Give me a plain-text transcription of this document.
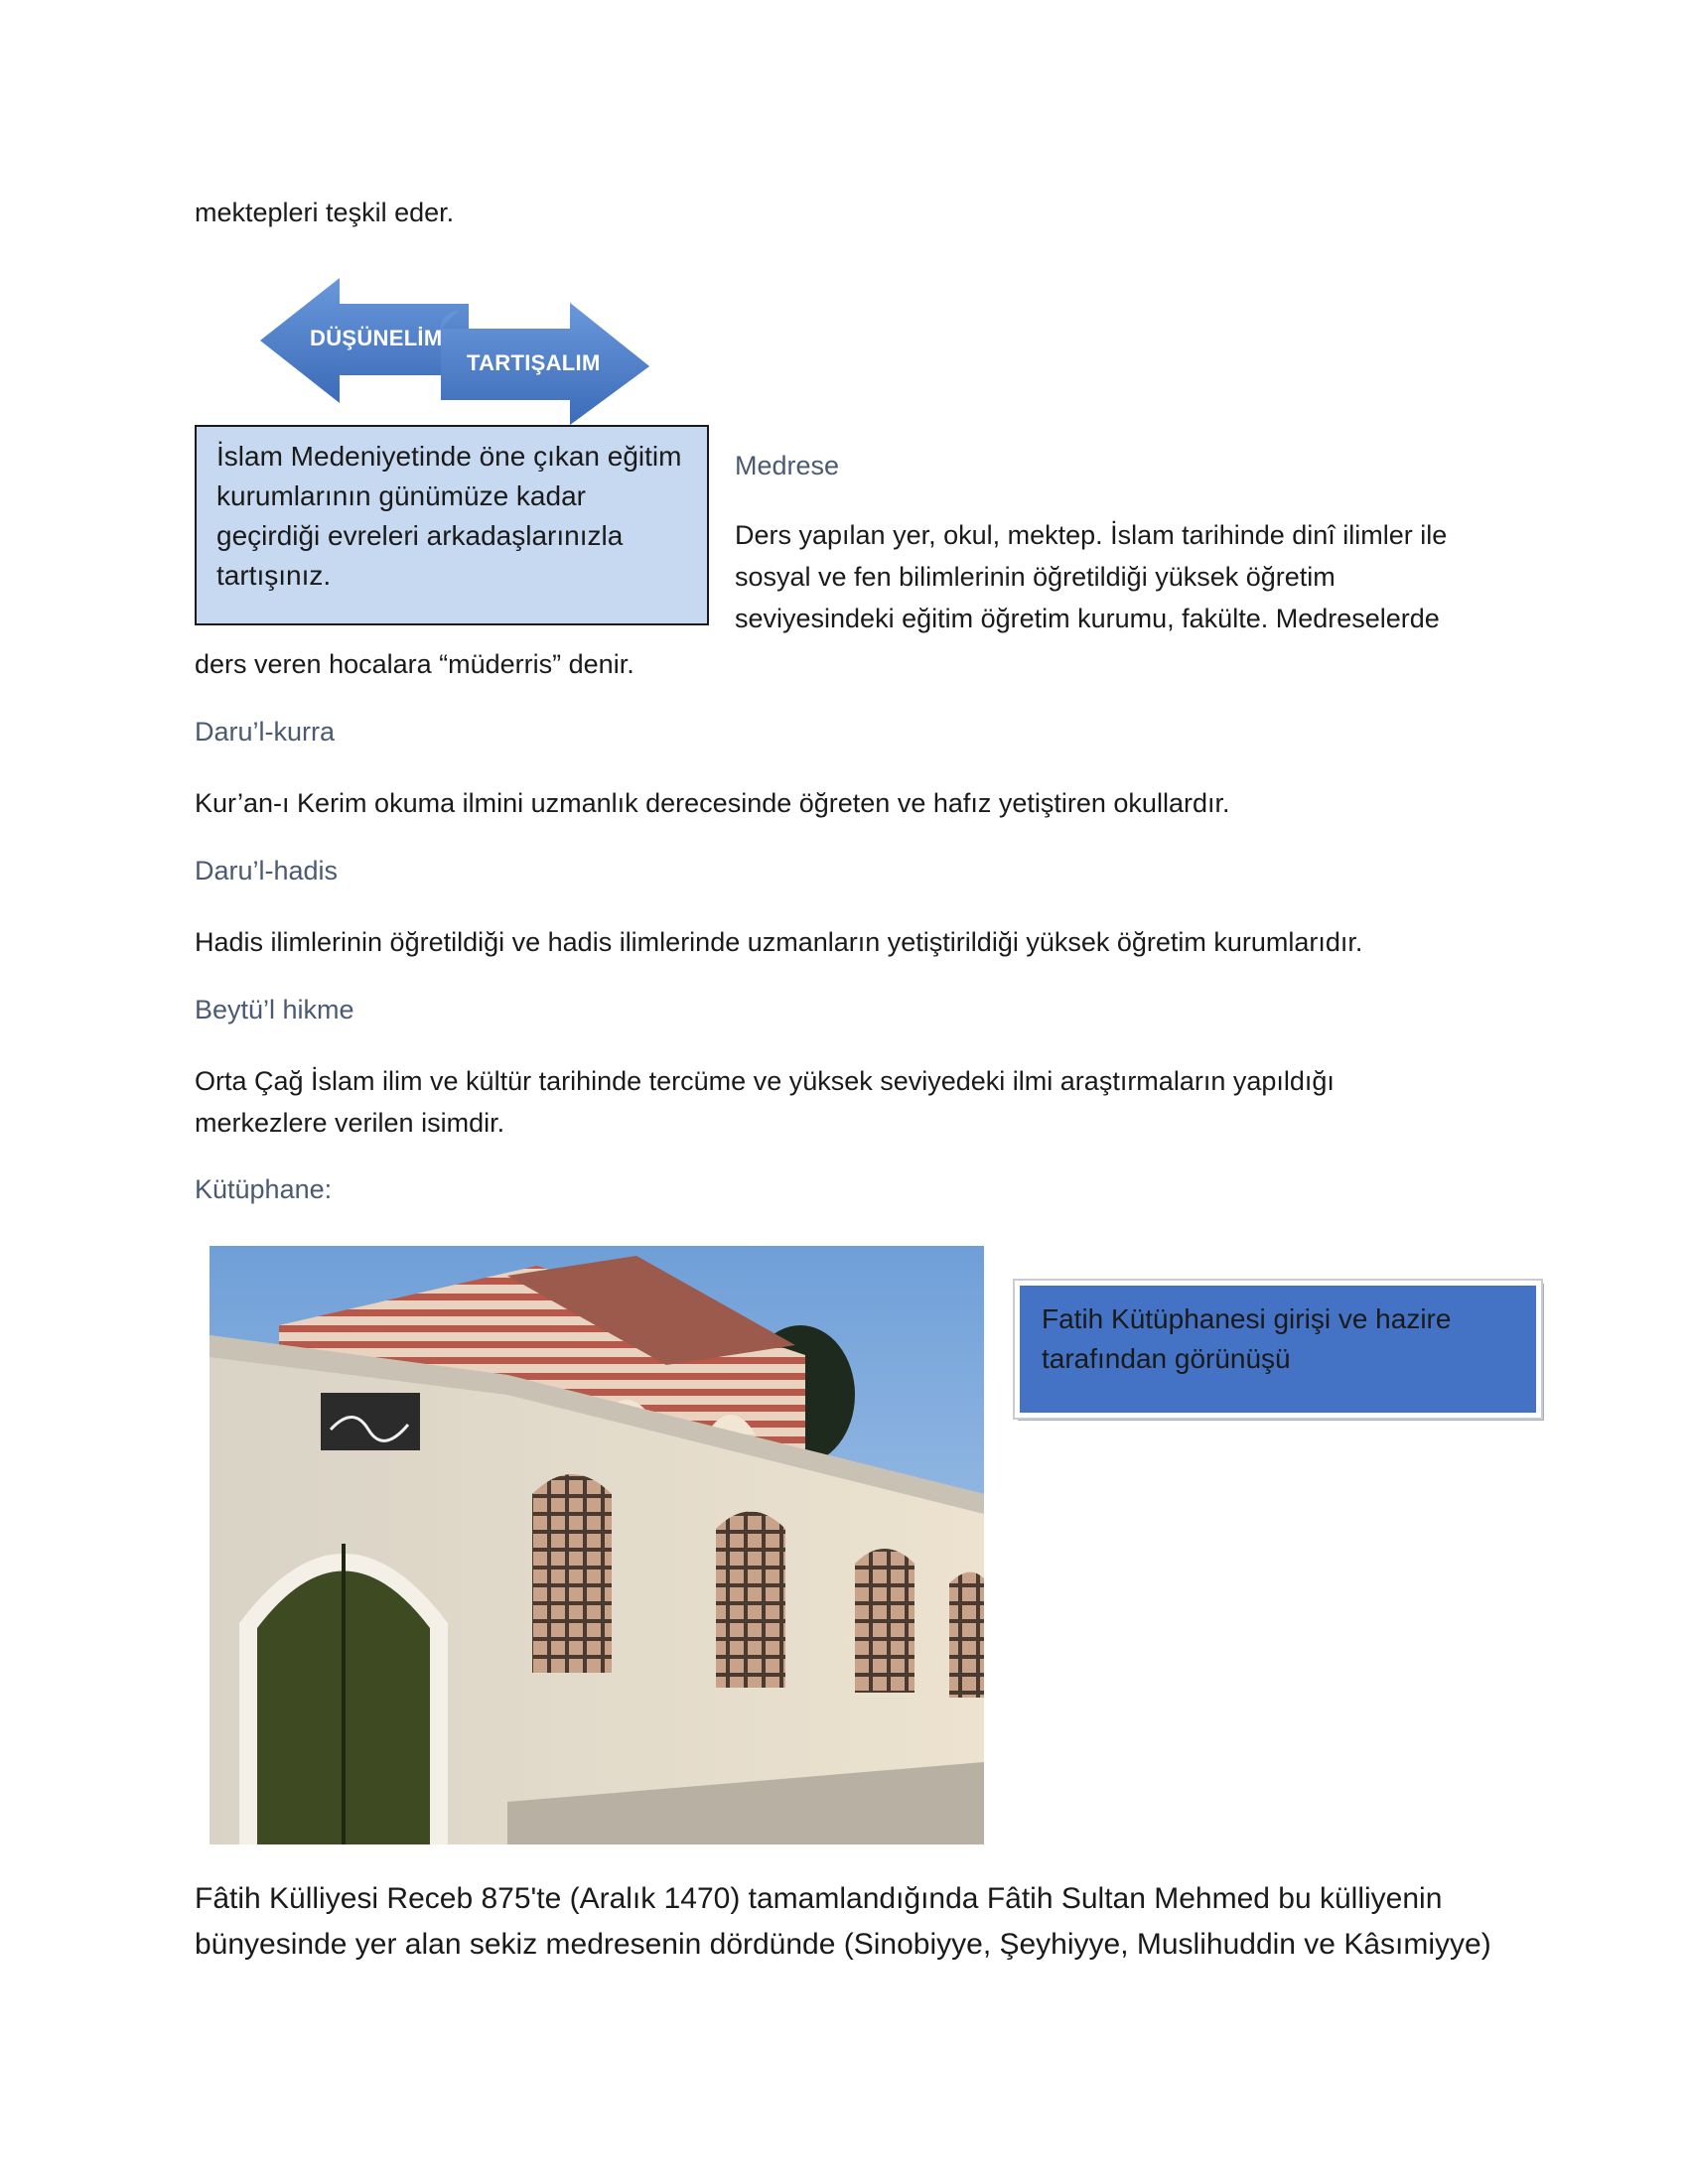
mektepleri teşkil eder.
DÜŞÜNELİM
TARTIŞALIM
İslam Medeniyetinde öne çıkan eğitim kurumlarının günümüze kadar geçirdiği evreleri arkadaşlarınızla tartışınız.
Medrese
Ders yapılan yer, okul, mektep. İslam tarihinde dinî ilimler ile
sosyal ve fen bilimlerinin öğretildiği yüksek öğretim
seviyesindeki eğitim öğretim kurumu, fakülte. Medreselerde
ders veren hocalara “müderris” denir.
Daru’l-kurra
Kur’an-ı Kerim okuma ilmini uzmanlık derecesinde öğreten ve hafız yetiştiren okullardır.
Daru’l-hadis
Hadis ilimlerinin öğretildiği ve hadis ilimlerinde uzmanların yetiştirildiği yüksek öğretim kurumlarıdır.
Beytü’l hikme
Orta Çağ İslam ilim ve kültür tarihinde tercüme ve yüksek seviyedeki ilmi araştırmaların yapıldığı
merkezlere verilen isimdir.
Kütüphane:
Fatih Kütüphanesi girişi ve hazire tarafından görünüşü
Fâtih Külliyesi Receb 875'te (Aralık 1470) tamamlandığında Fâtih Sultan Mehmed bu külliyenin
bünyesinde yer alan sekiz medresenin dördünde (Sinobiyye, Şeyhiyye, Muslihuddin ve Kâsımiyye)
